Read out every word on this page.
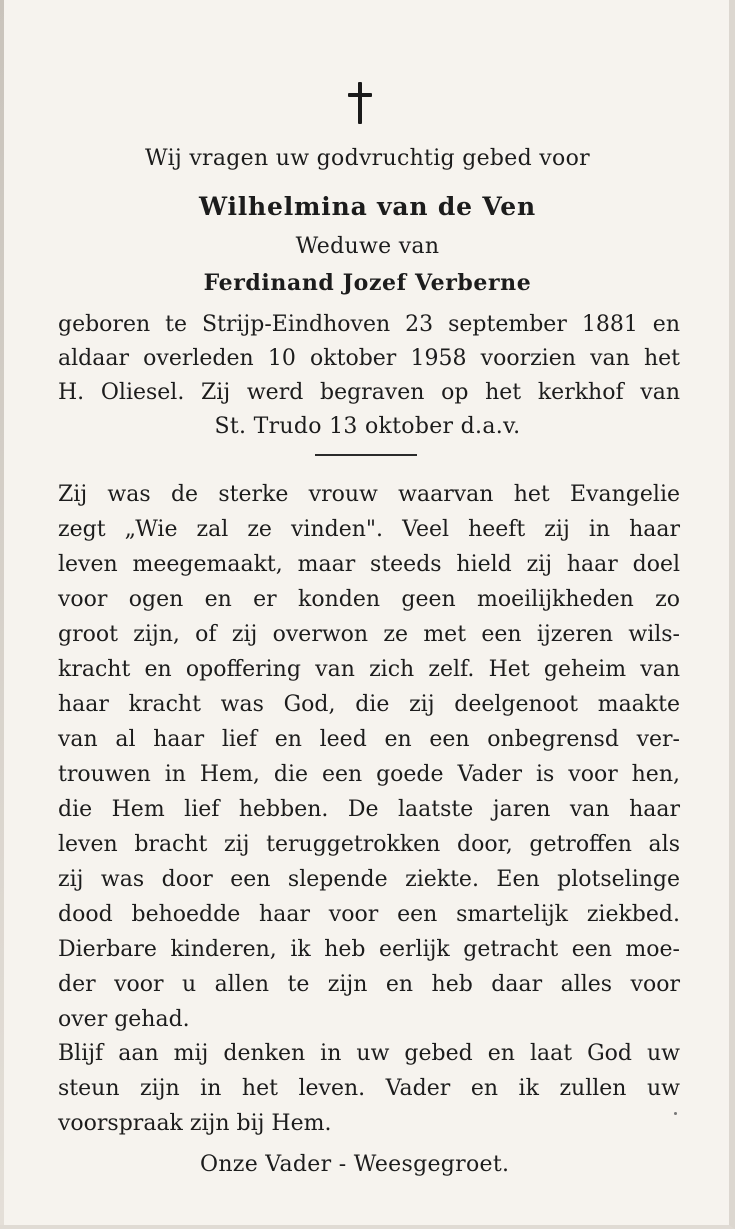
Wij vragen uw godvruchtig gebed voor
Wilhelmina van de Ven
Weduwe van
Ferdinand Jozef Verberne
geboren te Strijp-Eindhoven 23 september 1881 en
aldaar overleden 10 oktober 1958 voorzien van het
H. Oliesel. Zij werd begraven op het kerkhof van
St. Trudo 13 oktober d.a.v.
Zij was de sterke vrouw waarvan het Evangelie
zegt „Wie zal ze vinden". Veel heeft zij in haar
leven meegemaakt, maar steeds hield zij haar doel
voor ogen en er konden geen moeilijkheden zo
groot zijn, of zij overwon ze met een ijzeren wils-
kracht en opoffering van zich zelf. Het geheim van
haar kracht was God, die zij deelgenoot maakte
van al haar lief en leed en een onbegrensd ver-
trouwen in Hem, die een goede Vader is voor hen,
die Hem lief hebben. De laatste jaren van haar
leven bracht zij teruggetrokken door, getroffen als
zij was door een slepende ziekte. Een plotselinge
dood behoedde haar voor een smartelijk ziekbed.
Dierbare kinderen, ik heb eerlijk getracht een moe-
der voor u allen te zijn en heb daar alles voor
over gehad.
Blijf aan mij denken in uw gebed en laat God uw
steun zijn in het leven. Vader en ik zullen uw
voorspraak zijn bij Hem.
Onze Vader - Weesgegroet.
